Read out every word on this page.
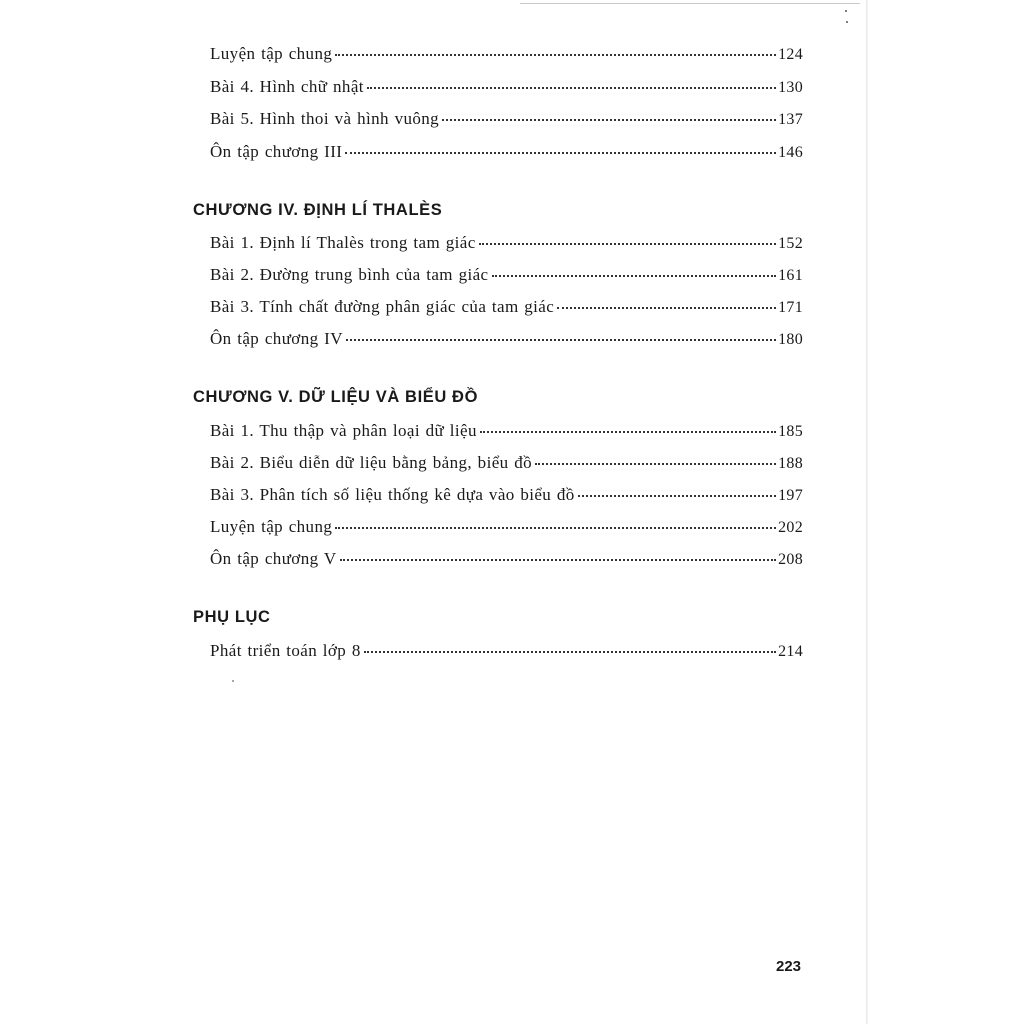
Luyện tập chung	124
Bài 4. Hình chữ nhật	130
Bài 5. Hình thoi và hình vuông	137
Ôn tập chương III	146
CHƯƠNG IV. ĐỊNH LÍ THALÈS
Bài 1. Định lí Thalès trong tam giác	152
Bài 2. Đường trung bình của tam giác	161
Bài 3. Tính chất đường phân giác của tam giác	171
Ôn tập chương IV	180
CHƯƠNG V. DỮ LIỆU VÀ BIỂU ĐỒ
Bài 1. Thu thập và phân loại dữ liệu	185
Bài 2. Biểu diễn dữ liệu bằng bảng, biểu đồ	188
Bài 3. Phân tích số liệu thống kê dựa vào biểu đồ	197
Luyện tập chung	202
Ôn tập chương V	208
PHỤ LỤC
Phát triển toán lớp 8	214
223
